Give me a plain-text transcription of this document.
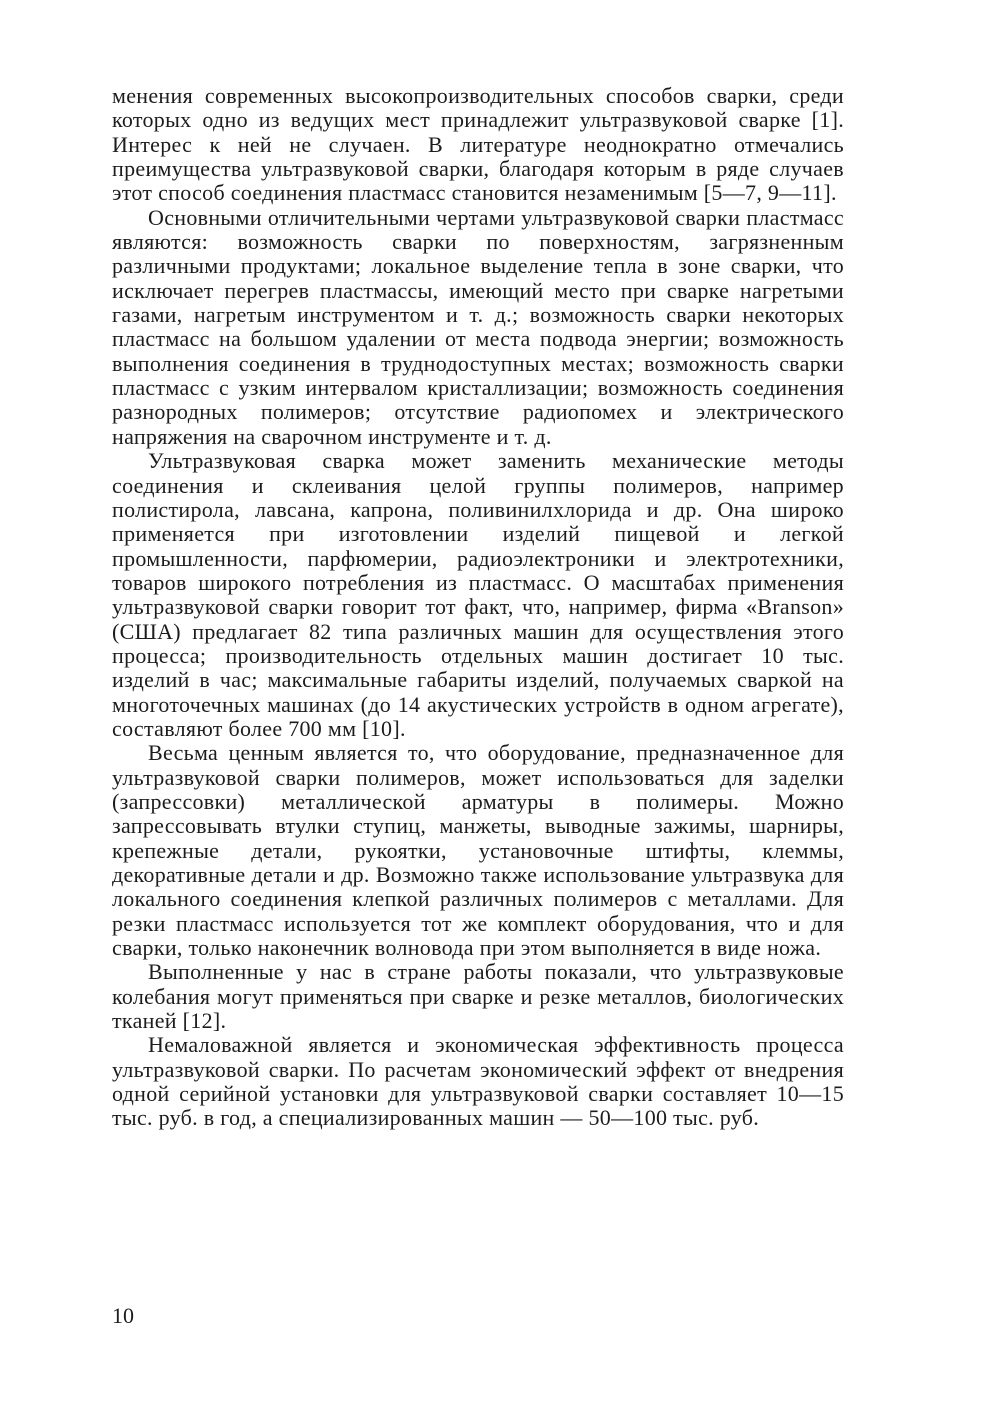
менения современных высокопроизводительных способов сварки, среди которых одно из ведущих мест принадлежит ультразвуковой сварке [1]. Интерес к ней не случаен. В литературе неоднократно отмечались преимущества ультразвуковой сварки, благодаря которым в ряде случаев этот способ соединения пластмасс становится незаменимым [5—7, 9—11].

Основными отличительными чертами ультразвуковой сварки пластмасс являются: возможность сварки по поверхностям, загрязненным различными продуктами; локальное выделение тепла в зоне сварки, что исключает перегрев пластмассы, имеющий место при сварке нагретыми газами, нагретым инструментом и т. д.; возможность сварки некоторых пластмасс на большом удалении от места подвода энергии; возможность выполнения соединения в труднодоступных местах; возможность сварки пластмасс с узким интервалом кристаллизации; возможность соединения разнородных полимеров; отсутствие радиопомех и электрического напряжения на сварочном инструменте и т. д.

Ультразвуковая сварка может заменить механические методы соединения и склеивания целой группы полимеров, например полистирола, лавсана, капрона, поливинилхлорида и др. Она широко применяется при изготовлении изделий пищевой и легкой промышленности, парфюмерии, радиоэлектроники и электротехники, товаров широкого потребления из пластмасс. О масштабах применения ультразвуковой сварки говорит тот факт, что, например, фирма «Branson» (США) предлагает 82 типа различных машин для осуществления этого процесса; производительность отдельных машин достигает 10 тыс. изделий в час; максимальные габариты изделий, получаемых сваркой на многоточечных машинах (до 14 акустических устройств в одном агрегате), составляют более 700 мм [10].

Весьма ценным является то, что оборудование, предназначенное для ультразвуковой сварки полимеров, может использоваться для заделки (запрессовки) металлической арматуры в полимеры. Можно запрессовывать втулки ступиц, манжеты, выводные зажимы, шарниры, крепежные детали, рукоятки, установочные штифты, клеммы, декоративные детали и др. Возможно также использование ультразвука для локального соединения клепкой различных полимеров с металлами. Для резки пластмасс используется тот же комплект оборудования, что и для сварки, только наконечник волновода при этом выполняется в виде ножа.

Выполненные у нас в стране работы показали, что ультразвуковые колебания могут применяться при сварке и резке металлов, биологических тканей [12].

Немаловажной является и экономическая эффективность процесса ультразвуковой сварки. По расчетам экономический эффект от внедрения одной серийной установки для ультразвуковой сварки составляет 10—15 тыс. руб. в год, а специализированных машин — 50—100 тыс. руб.

10
